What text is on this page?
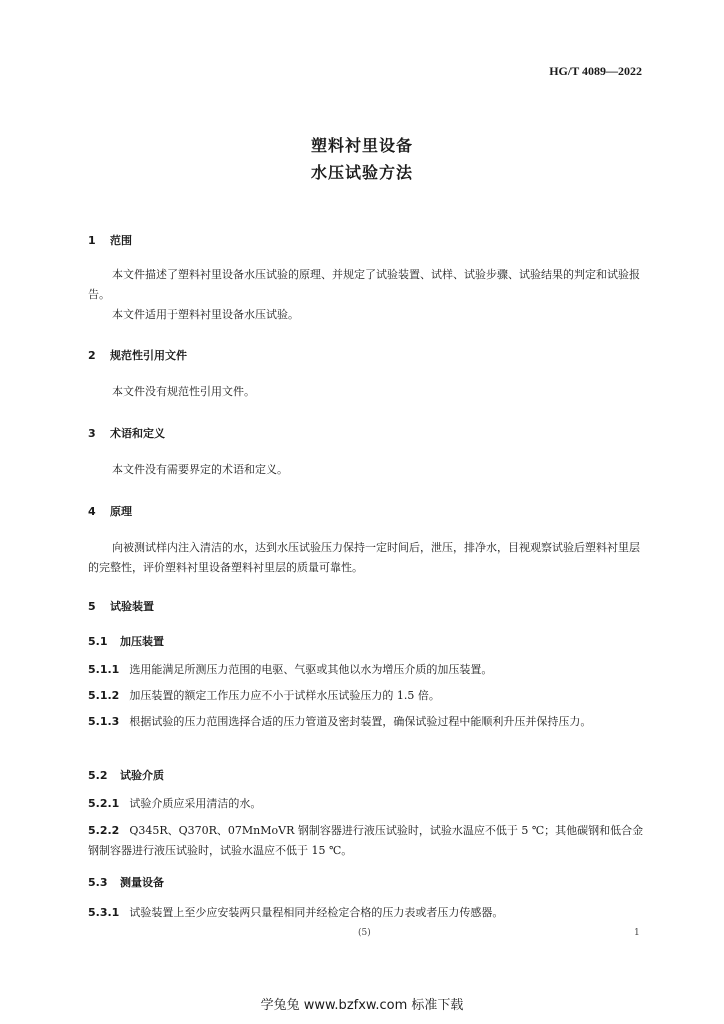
HG/T 4089—2022
塑料衬里设备
水压试验方法
1 范围
本文件描述了塑料衬里设备水压试验的原理、并规定了试验装置、试样、试验步骤、试验结果的判定和试验报告。
本文件适用于塑料衬里设备水压试验。
2 规范性引用文件
本文件没有规范性引用文件。
3 术语和定义
本文件没有需要界定的术语和定义。
4 原理
向被测试样内注入清洁的水，达到水压试验压力保持一定时间后，泄压，排净水，目视观察试验后塑料衬里层的完整性，评价塑料衬里设备塑料衬里层的质量可靠性。
5 试验装置
5.1 加压装置
5.1.1 选用能满足所测压力范围的电驱、气驱或其他以水为增压介质的加压装置。
5.1.2 加压装置的额定工作压力应不小于试样水压试验压力的 1.5 倍。
5.1.3 根据试验的压力范围选择合适的压力管道及密封装置，确保试验过程中能顺利升压并保持压力。
5.2 试验介质
5.2.1 试验介质应采用清洁的水。
5.2.2 Q345R、Q370R、07MnMoVR 钢制容器进行液压试验时，试验水温应不低于 5 ℃；其他碳钢和低合金钢制容器进行液压试验时，试验水温应不低于 15 ℃。
5.3 测量设备
5.3.1 试验装置上至少应安装两只量程相同并经检定合格的压力表或者压力传感器。
(5)	1
学兔兔 www.bzfxw.com 标准下载
